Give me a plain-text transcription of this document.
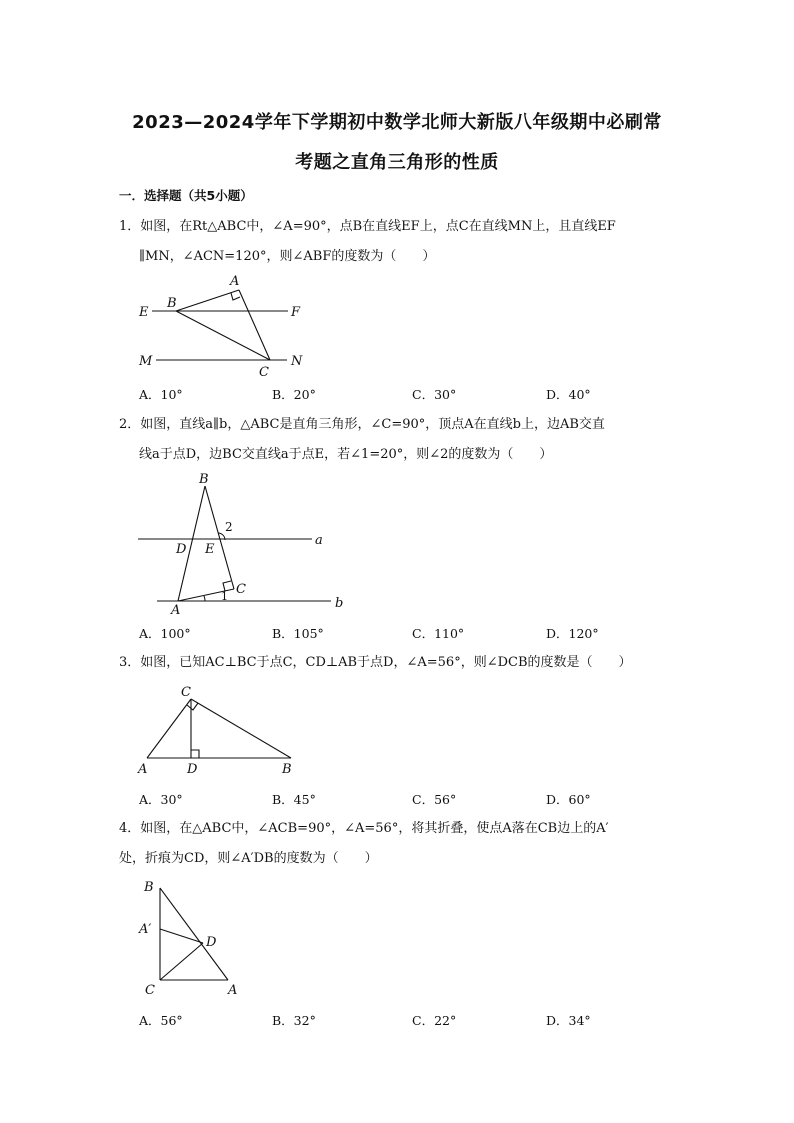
2023—2024学年下学期初中数学北师大新版八年级期中必刷常
考题之直角三角形的性质
一．选择题（共5小题）
1．如图，在Rt△ABC中，∠A=90°，点B在直线EF上，点C在直线MN上，且直线EF
∥MN，∠ACN=120°，则∠ABF的度数为（　　）
2．如图，直线a∥b，△ABC是直角三角形，∠C=90°，顶点A在直线b上，边AB交直
线a于点D，边BC交直线a于点E，若∠1=20°，则∠2的度数为（　　）
3．如图，已知AC⊥BC于点C，CD⊥AB于点D，∠A=56°，则∠DCB的度数是（　　）
4．如图，在△ABC中，∠ACB=90°，∠A=56°，将其折叠，使点A落在CB边上的A′
处，折痕为CD，则∠A′DB的度数为（　　）
A．10°	B．20°	C．30°	D．40°
A．100°	B．105°	C．110°	D．120°
A．30°	B．45°	C．56°	D．60°
A．56°	B．32°	C．22°	D．34°
A
B
E	F
M	N
C
B
2
D E
a
C
A
1	b
C
A	D	B
B
A′
D
C	A
